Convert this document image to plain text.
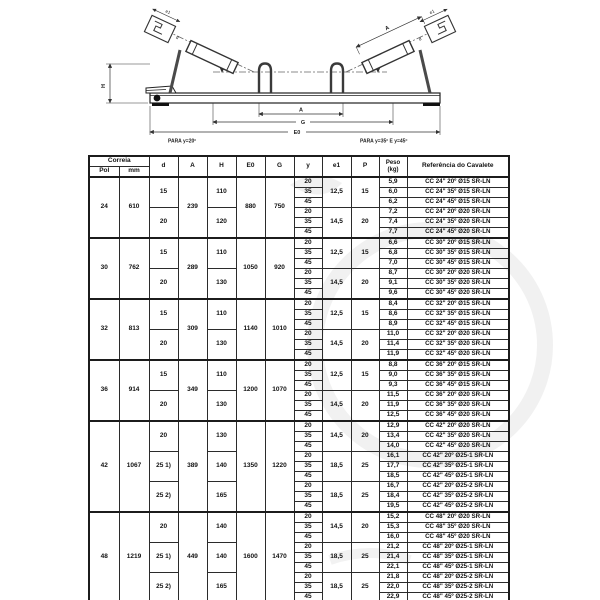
e1
d
e1
d
A
H
A
G
E0
PARA y=20º	PARA y=35º E y=45º
Correia		d	A	H	E0	G	y	e1	P	Peso
(kg)	Referência do Cavalete
Pol	mm										
24	610	15	239	110	880	750	20	12,5	15	5,9	CC 24" 20º Ø15 SR-LN
							35			6,0	CC 24" 35º Ø15 SR-LN
							45			6,2	CC 24" 45º Ø15 SR-LN
		20		120			20	14,5	20	7,2	CC 24" 20º Ø20 SR-LN
							35			7,4	CC 24" 35º Ø20 SR-LN
							45			7,7	CC 24" 45º Ø20 SR-LN
30	762	15	289	110	1050	920	20	12,5	15	6,6	CC 30" 20º Ø15 SR-LN
							35			6,8	CC 30" 35º Ø15 SR-LN
							45			7,0	CC 30" 45º Ø15 SR-LN
		20		130			20	14,5	20	8,7	CC 30" 20º Ø20 SR-LN
							35			9,1	CC 30" 35º Ø20 SR-LN
							45			9,6	CC 30" 45º Ø20 SR-LN
32	813	15	309	110	1140	1010	20	12,5	15	8,4	CC 32" 20º Ø15 SR-LN
							35			8,6	CC 32" 35º Ø15 SR-LN
							45			8,9	CC 32" 45º Ø15 SR-LN
		20		130			20	14,5	20	11,0	CC 32" 20º Ø20 SR-LN
							35			11,4	CC 32" 35º Ø20 SR-LN
							45			11,9	CC 32" 45º Ø20 SR-LN
36	914	15	349	110	1200	1070	20	12,5	15	8,8	CC 36" 20º Ø15 SR-LN
							35			9,0	CC 36" 35º Ø15 SR-LN
							45			9,3	CC 36" 45º Ø15 SR-LN
		20		130			20	14,5	20	11,5	CC 36" 20º Ø20 SR-LN
							35			11,9	CC 36" 35º Ø20 SR-LN
							45			12,5	CC 36" 45º Ø20 SR-LN
42	1067	20	389	130	1350	1220	20	14,5	20	12,9	CC 42" 20º Ø20 SR-LN
							35			13,4	CC 42" 35º Ø20 SR-LN
							45			14,0	CC 42" 45º Ø20 SR-LN
		25 1)		140			20	18,5	25	16,1	CC 42" 20º Ø25-1 SR-LN
							35			17,7	CC 42" 35º Ø25-1 SR-LN
							45			18,5	CC 42" 45º Ø25-1 SR-LN
		25 2)		165			20	18,5	25	16,7	CC 42" 20º Ø25-2 SR-LN
							35			18,4	CC 42" 35º Ø25-2 SR-LN
							45			19,5	CC 42" 45º Ø25-2 SR-LN
48	1219	20	449	140	1600	1470	20	14,5	20	15,2	CC 48" 20º Ø20 SR-LN
							35			15,3	CC 48" 35º Ø20 SR-LN
							45			16,0	CC 48" 45º Ø20 SR-LN
		25 1)		140			20	18,5	25	21,2	CC 48" 20º Ø25-1 SR-LN
							35			21,4	CC 48" 35º Ø25-1 SR-LN
							45			22,1	CC 48" 45º Ø25-1 SR-LN
		25 2)		165			20	18,5	25	21,8	CC 48" 20º Ø25-2 SR-LN
							35			22,0	CC 48" 35º Ø25-2 SR-LN
							45			22,9	CC 48" 45º Ø25-2 SR-LN
